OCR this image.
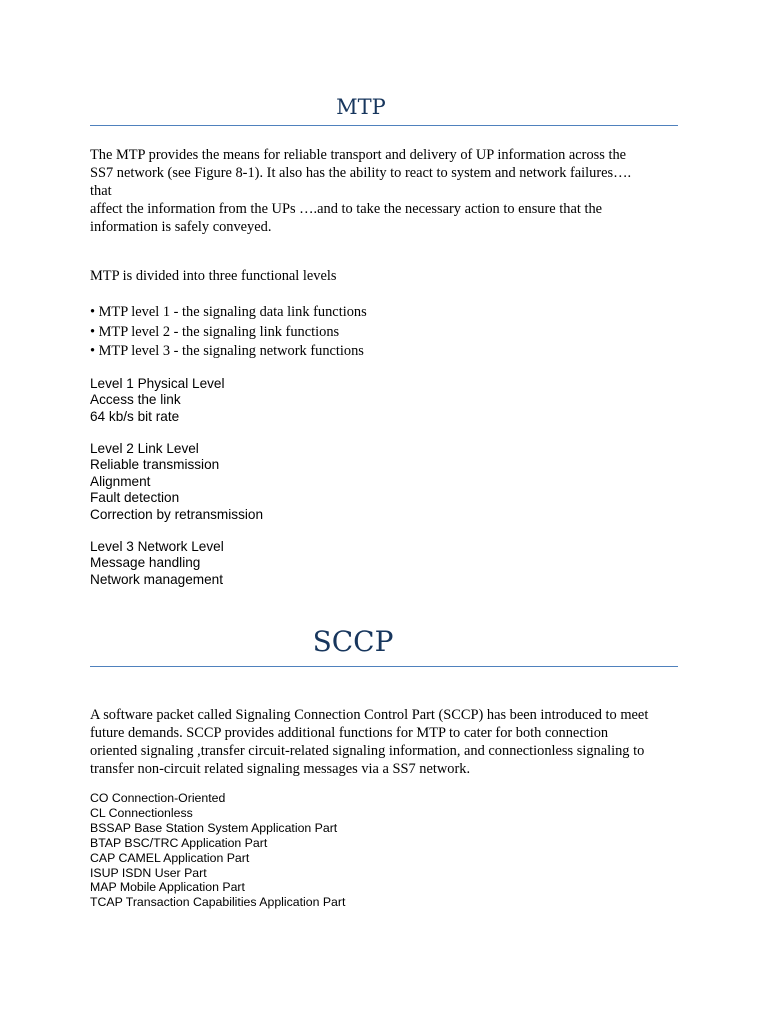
MTP
The MTP provides the means for reliable transport and delivery of UP information across the
SS7 network (see Figure 8-1). It also has the ability to react to system and network failures….
that
affect the information from the UPs ….and to take the necessary action to ensure that the
information is safely conveyed.
MTP is divided into three functional levels
• MTP level 1 - the signaling data link functions
• MTP level 2 - the signaling link functions
• MTP level 3 - the signaling network functions
Level 1 Physical Level
Access the link
64 kb/s bit rate
Level 2 Link Level
Reliable transmission
Alignment
Fault detection
Correction by retransmission
Level 3 Network Level
Message handling
Network management
SCCP
A software packet called Signaling Connection Control Part (SCCP) has been introduced to meet
future demands. SCCP provides additional functions for MTP to cater for both connection
oriented signaling ,transfer circuit-related signaling information, and connectionless signaling to
transfer non-circuit related signaling messages via a SS7 network.
CO Connection-Oriented
CL Connectionless
BSSAP Base Station System Application Part
BTAP BSC/TRC Application Part
CAP CAMEL Application Part
ISUP ISDN User Part
MAP Mobile Application Part
TCAP Transaction Capabilities Application Part
